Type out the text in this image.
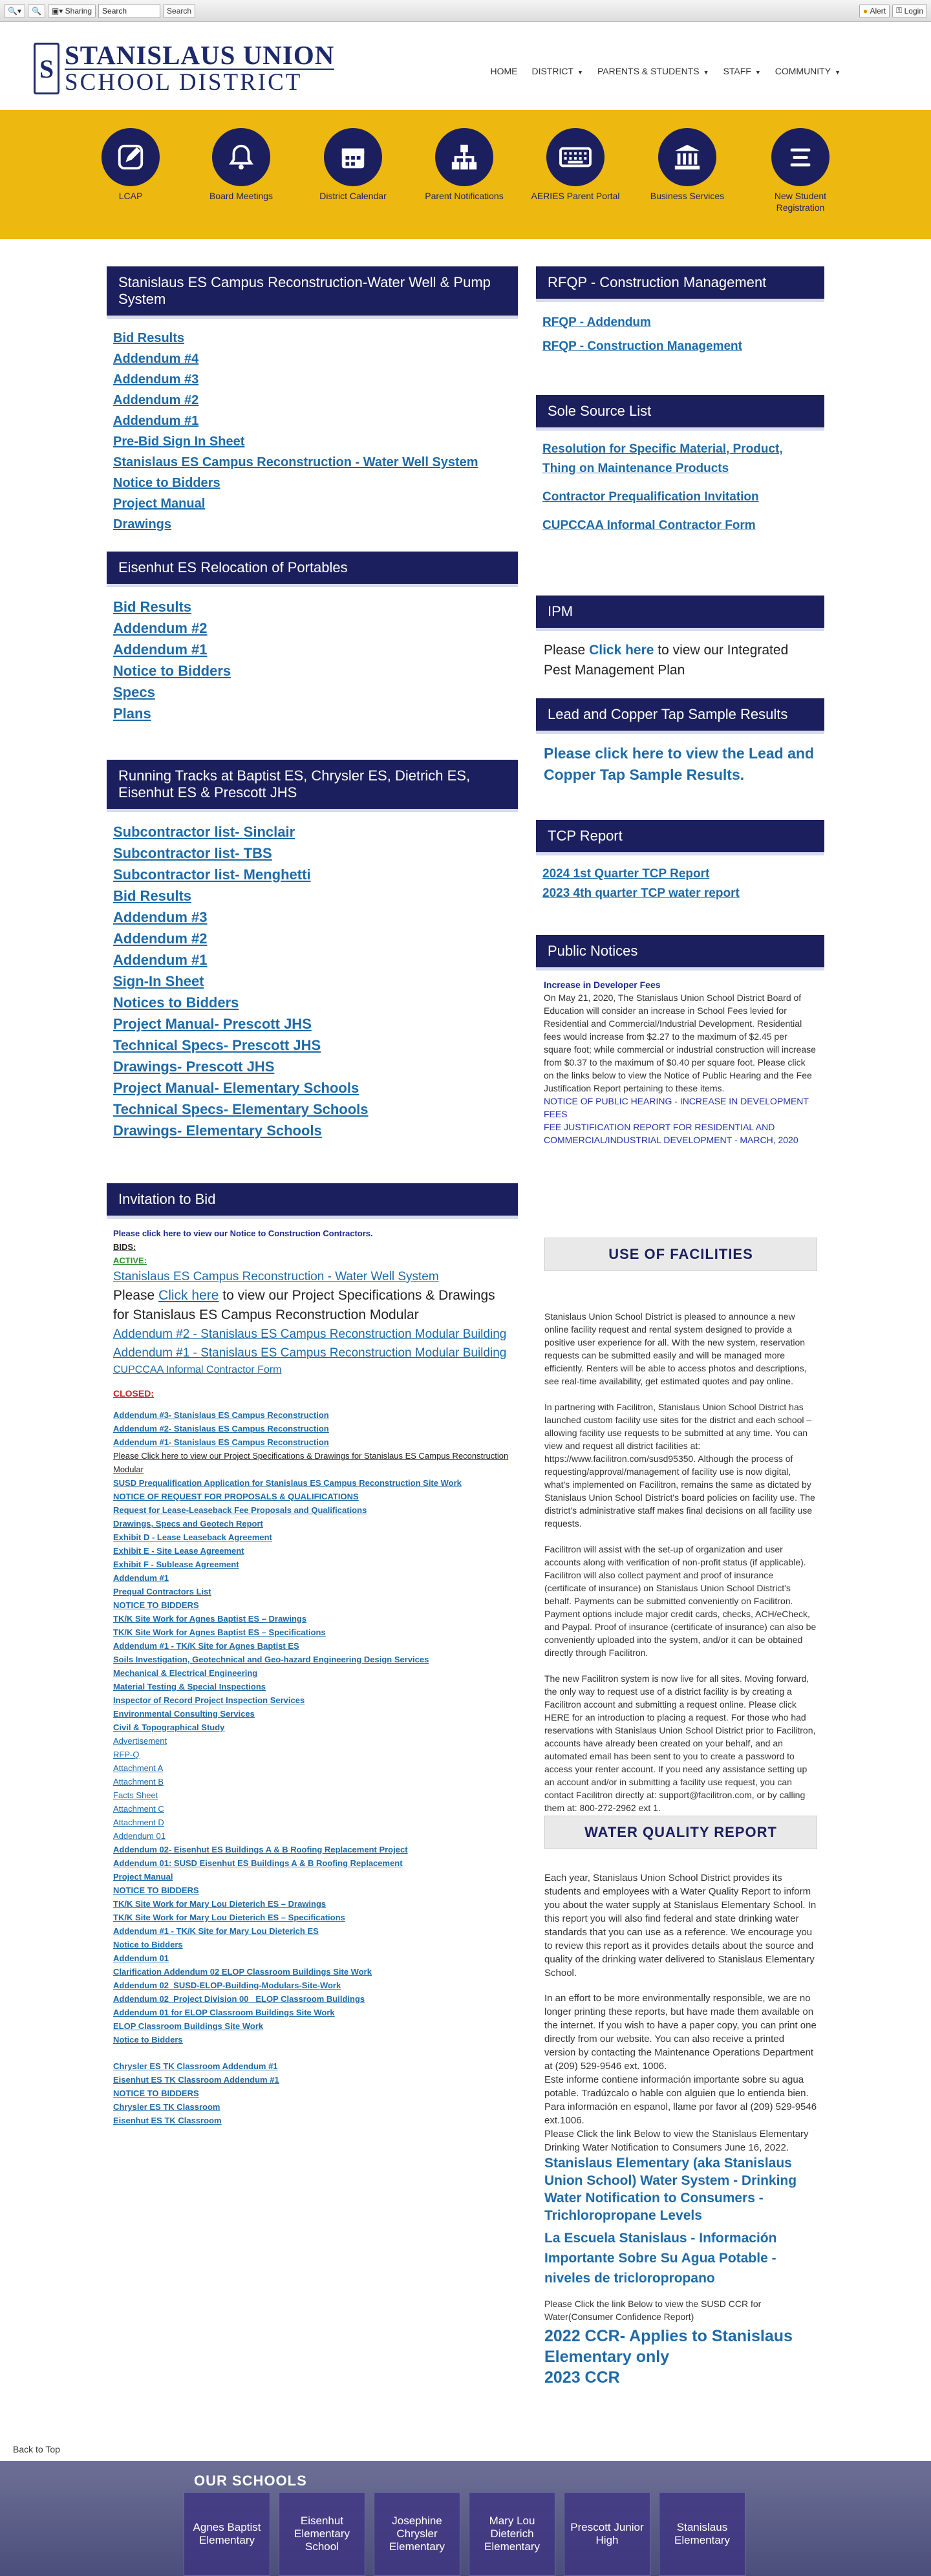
🔍▾	🔍	▣▾
Sharing	Search	Search	●
Alert ⚿
Login
S STANISLAUS UNION
SCHOOL DISTRICT	HOME DISTRICT ▼ PARENTS & STUDENTS ▼ STAFF ▼ COMMUNITY ▼
LCAP	Board Meetings	District Calendar	Parent Notifications	AERIES Parent Portal	Business Services	New Student Registration
Stanislaus ES Campus Reconstruction-Water Well & Pump System
Bid Results
Addendum #4
Addendum #3
Addendum #2
Addendum #1
Pre-Bid Sign In Sheet
Stanislaus ES Campus Reconstruction - Water Well System Notice to Bidders
Project Manual
Drawings
Eisenhut ES Relocation of Portables
Bid Results
Addendum #2
Addendum #1
Notice to Bidders
Specs
Plans
Running Tracks at Baptist ES, Chrysler ES, Dietrich ES, Eisenhut ES & Prescott JHS
Subcontractor list- Sinclair
Subcontractor list- TBS
Subcontractor list- Menghetti
Bid Results
Addendum #3
Addendum #2
Addendum #1
Sign-In Sheet
Notices to Bidders
Project Manual- Prescott JHS
Technical Specs- Prescott JHS
Drawings- Prescott JHS
Project Manual- Elementary Schools
Technical Specs- Elementary Schools
Drawings- Elementary Schools
Invitation to Bid
Please click here to view our Notice to Construction Contractors.
BIDS:
ACTIVE:
Stanislaus ES Campus Reconstruction - Water Well System
Please Click here to view our Project Specifications & Drawings for Stanislaus ES Campus Reconstruction Modular
Addendum #2 - Stanislaus ES Campus Reconstruction Modular Building
Addendum #1 - Stanislaus ES Campus Reconstruction Modular Building
CUPCCAA Informal Contractor Form
CLOSED:
Addendum #3- Stanislaus ES Campus Reconstruction
Addendum #2- Stanislaus ES Campus Reconstruction
Addendum #1- Stanislaus ES Campus Reconstruction
Please Click here to view our Project Specifications & Drawings for Stanislaus ES Campus Reconstruction Modular
SUSD Prequalification Application for Stanislaus ES Campus Reconstruction Site Work
NOTICE OF REQUEST FOR PROPOSALS & QUALIFICATIONS
Request for Lease-Leaseback Fee Proposals and Qualifications
Drawings, Specs and Geotech Report
Exhibit D - Lease Leaseback Agreement
Exhibit E - Site Lease Agreement
Exhibit F - Sublease Agreement
Addendum #1
Prequal Contractors List
NOTICE TO BIDDERS
TK/K Site Work for Agnes Baptist ES – Drawings
TK/K Site Work for Agnes Baptist ES – Specifications
Addendum #1 - TK/K Site for Agnes Baptist ES
Soils Investigation, Geotechnical and Geo-hazard Engineering Design Services
Mechanical & Electrical Engineering
Material Testing & Special Inspections
Inspector of Record Project Inspection Services
Environmental Consulting Services
Civil & Topographical Study
Advertisement
RFP-Q
Attachment A
Attachment B
Facts Sheet
Attachment C
Attachment D
Addendum 01
Addendum 02- Eisenhut ES Buildings A & B Roofing Replacement Project
Addendum 01: SUSD Eisenhut ES Buildings A & B Roofing Replacement
Project Manual
NOTICE TO BIDDERS
TK/K Site Work for Mary Lou Dieterich ES – Drawings
TK/K Site Work for Mary Lou Dieterich ES – Specifications
Addendum #1 - TK/K Site for Mary Lou Dieterich ES
Notice to Bidders
Addendum 01
Clarification Addendum 02 ELOP Classroom Buildings Site Work
Addendum 02_SUSD-ELOP-Building-Modulars-Site-Work
Addendum 02_Project Division 00_ ELOP Classroom Buildings
Addendum 01 for ELOP Classroom Buildings Site Work
ELOP Classroom Buildings Site Work
Notice to Bidders
Chrysler ES TK Classroom Addendum #1
Eisenhut ES TK Classroom Addendum #1
NOTICE TO BIDDERS
Chrysler ES TK Classroom
Eisenhut ES TK Classroom
RFQP - Construction Management
RFQP - Addendum
RFQP - Construction Management
Sole Source List
Resolution for Specific Material, Product, Thing on Maintenance Products
Contractor Prequalification Invitation
CUPCCAA Informal Contractor Form
IPM
Please Click here to view our Integrated Pest Management Plan
Lead and Copper Tap Sample Results
Please click here to view the Lead and Copper Tap Sample Results.
TCP Report
2024 1st Quarter TCP Report
2023 4th quarter TCP water report
Public Notices
Increase in Developer Fees
On May 21, 2020, The Stanislaus Union School District Board of Education will consider an increase in School Fees levied for Residential and Commercial/Industrial Development. Residential fees would increase from $2.27 to the maximum of $2.45 per square foot; while commercial or industrial construction will increase from $0.37 to the maximum of $0.40 per square foot. Please click on the links below to view the Notice of Public Hearing and the Fee Justification Report pertaining to these items.
NOTICE OF PUBLIC HEARING - INCREASE IN DEVELOPMENT FEES
FEE JUSTIFICATION REPORT FOR RESIDENTIAL AND COMMERCIAL/INDUSTRIAL DEVELOPMENT - MARCH, 2020
USE OF FACILITIES
Stanislaus Union School District is pleased to announce a new online facility request and rental system designed to provide a positive user experience for all. With the new system, reservation requests can be submitted easily and will be managed more efficiently. Renters will be able to access photos and descriptions, see real-time availability, get estimated quotes and pay online.
In partnering with Facilitron, Stanislaus Union School District has launched custom facility use sites for the district and each school – allowing facility use requests to be submitted at any time. You can view and request all district facilities at: https://www.facilitron.com/susd95350. Although the process of requesting/approval/management of facility use is now digital, what's implemented on Facilitron, remains the same as dictated by Stanislaus Union School District's board policies on facility use. The district's administrative staff makes final decisions on all facility use requests.
Facilitron will assist with the set-up of organization and user accounts along with verification of non-profit status (if applicable). Facilitron will also collect payment and proof of insurance (certificate of insurance) on Stanislaus Union School District's behalf. Payments can be submitted conveniently on Facilitron. Payment options include major credit cards, checks, ACH/eCheck, and Paypal. Proof of insurance (certificate of insurance) can also be conveniently uploaded into the system, and/or it can be obtained directly through Facilitron.
The new Facilitron system is now live for all sites. Moving forward, the only way to request use of a district facility is by creating a Facilitron account and submitting a request online. Please click HERE for an introduction to placing a request. For those who had reservations with Stanislaus Union School District prior to Facilitron, accounts have already been created on your behalf, and an automated email has been sent to you to create a password to access your renter account. If you need any assistance setting up an account and/or in submitting a facility use request, you can contact Facilitron directly at: support@facilitron.com, or by calling them at: 800-272-2962 ext 1.
WATER QUALITY REPORT
Each year, Stanislaus Union School District provides its students and employees with a Water Quality Report to inform you about the water supply at Stanislaus Elementary School. In this report you will also find federal and state drinking water standards that you can use as a reference. We encourage you to review this report as it provides details about the source and quality of the drinking water delivered to Stanislaus Elementary School.
In an effort to be more environmentally responsible, we are no longer printing these reports, but have made them available on the internet. If you wish to have a paper copy, you can print one directly from our website. You can also receive a printed version by contacting the Maintenance Operations Department at (209) 529-9546 ext. 1006.
Este informe contiene información importante sobre su agua potable. Tradúzcalo o hable con alguien que lo entienda bien. Para información en espanol, llame por favor al (209) 529-9546 ext.1006.
Please Click the link Below to view the Stanislaus Elementary Drinking Water Notification to Consumers June 16, 2022.
Stanislaus Elementary (aka Stanislaus Union School) Water System - Drinking Water Notification to Consumers - Trichloropropane Levels
La Escuela Stanislaus - Información Importante Sobre Su Agua Potable - niveles de tricloropropano
Please Click the link Below to view the SUSD CCR for Water(Consumer Confidence Report)
2022 CCR- Applies to Stanislaus Elementary only
2023 CCR
Back to Top
OUR SCHOOLS
Agnes Baptist Elementary
Eisenhut Elementary School
Josephine Chrysler Elementary
Mary Lou Dieterich Elementary
Prescott Junior High
Stanislaus Elementary
